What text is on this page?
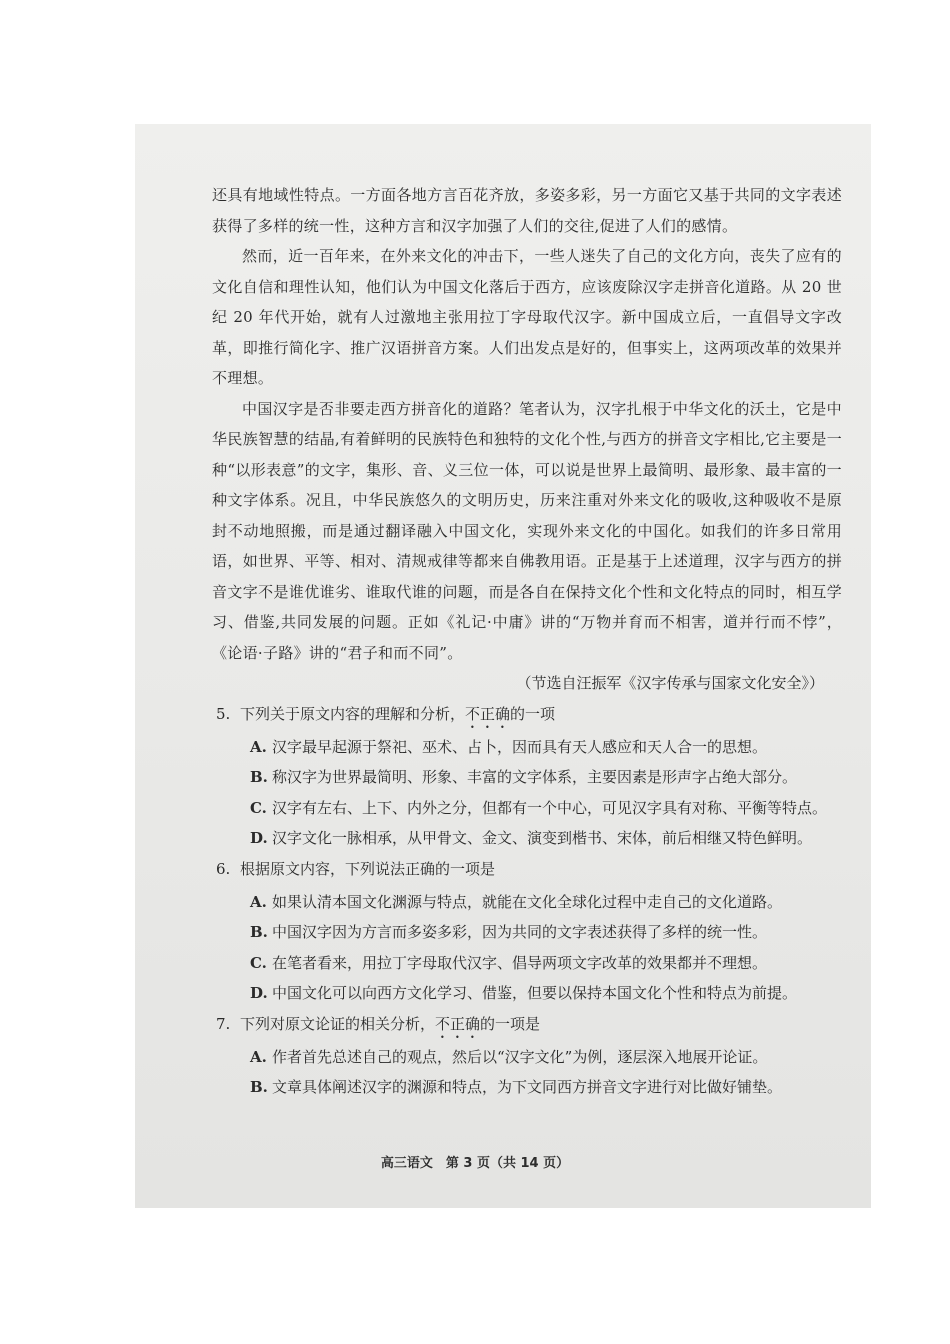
还具有地域性特点。一方面各地方言百花齐放，多姿多彩，另一方面它又基于共同的文字表述获得了多样的统一性，这种方言和汉字加强了人们的交往,促进了人们的感情。

然而，近一百年来，在外来文化的冲击下，一些人迷失了自己的文化方向，丧失了应有的文化自信和理性认知，他们认为中国文化落后于西方，应该废除汉字走拼音化道路。从 20 世纪 20 年代开始，就有人过激地主张用拉丁字母取代汉字。新中国成立后，一直倡导文字改革，即推行简化字、推广汉语拼音方案。人们出发点是好的，但事实上，这两项改革的效果并不理想。

中国汉字是否非要走西方拼音化的道路？笔者认为，汉字扎根于中华文化的沃土，它是中华民族智慧的结晶,有着鲜明的民族特色和独特的文化个性,与西方的拼音文字相比,它主要是一种“以形表意”的文字，集形、音、义三位一体，可以说是世界上最简明、最形象、最丰富的一种文字体系。况且，中华民族悠久的文明历史，历来注重对外来文化的吸收,这种吸收不是原封不动地照搬，而是通过翻译融入中国文化，实现外来文化的中国化。如我们的许多日常用语，如世界、平等、相对、清规戒律等都来自佛教用语。正是基于上述道理，汉字与西方的拼音文字不是谁优谁劣、谁取代谁的问题，而是各自在保持文化个性和文化特点的同时，相互学习、借鉴,共同发展的问题。正如《礼记·中庸》讲的“万物并育而不相害，道并行而不悖”，《论语·子路》讲的“君子和而不同”。

（节选自汪振军《汉字传承与国家文化安全》）

5. 下列关于原文内容的理解和分析，不正确的一项

A. 汉字最早起源于祭祀、巫术、占卜，因而具有天人感应和天人合一的思想。
B. 称汉字为世界最简明、形象、丰富的文字体系，主要因素是形声字占绝大部分。
C. 汉字有左右、上下、内外之分，但都有一个中心，可见汉字具有对称、平衡等特点。
D. 汉字文化一脉相承，从甲骨文、金文、演变到楷书、宋体，前后相继又特色鲜明。

6. 根据原文内容，下列说法正确的一项是

A. 如果认清本国文化渊源与特点，就能在文化全球化过程中走自己的文化道路。
B. 中国汉字因为方言而多姿多彩，因为共同的文字表述获得了多样的统一性。
C. 在笔者看来，用拉丁字母取代汉字、倡导两项文字改革的效果都并不理想。
D. 中国文化可以向西方文化学习、借鉴，但要以保持本国文化个性和特点为前提。

7. 下列对原文论证的相关分析，不正确的一项是

A. 作者首先总述自己的观点，然后以“汉字文化”为例，逐层深入地展开论证。
B. 文章具体阐述汉字的渊源和特点，为下文同西方拼音文字进行对比做好铺垫。
高三语文　第 3 页（共 14 页）
